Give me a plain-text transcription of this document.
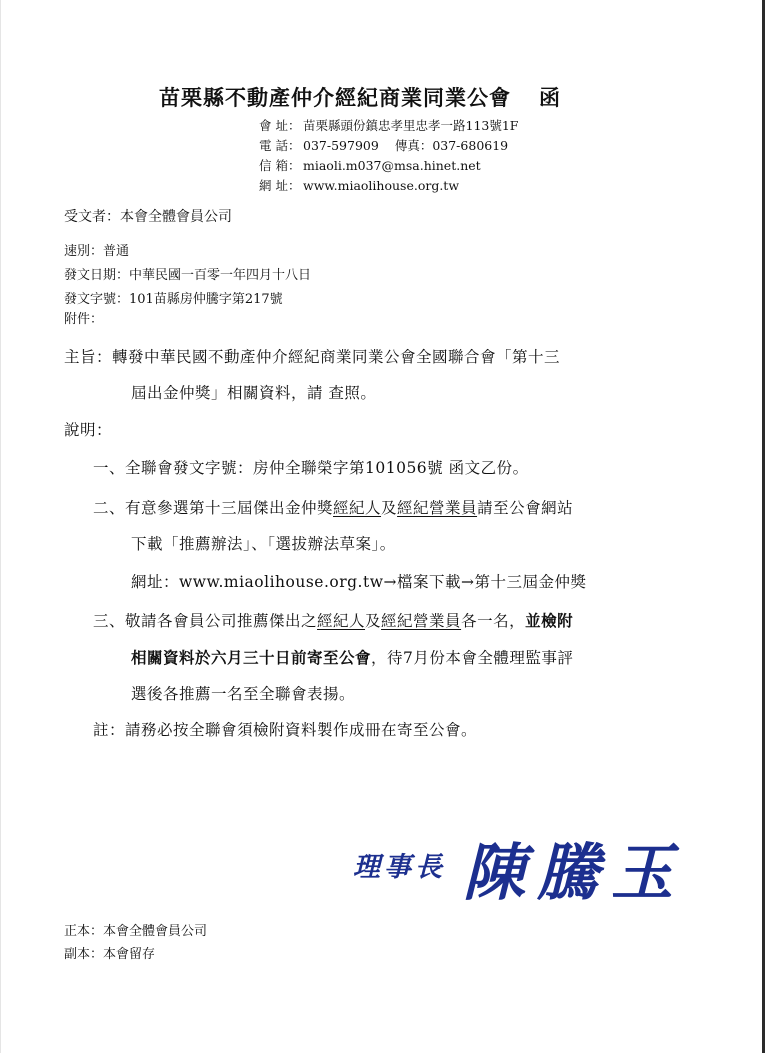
苗栗縣不動產仲介經紀商業同業公會 函
會 址： 苗栗縣頭份鎮忠孝里忠孝一路113號1F
電 話： 037-597909 傳真：037-680619
信 箱： miaoli.m037@msa.hinet.net
網 址： www.miaolihouse.org.tw
受文者：本會全體會員公司
速別：普通
發文日期：中華民國一百零一年四月十八日
發文字號：101苗縣房仲騰字第217號
附件：
主旨：轉發中華民國不動產仲介經紀商業同業公會全國聯合會「第十三
屆出金仲獎」相關資料，請 查照。
說明：
一、全聯會發文字號：房仲全聯榮字第101056號 函文乙份。
二、有意參選第十三屆傑出金仲獎經紀人及經紀營業員請至公會網站
下載「推薦辦法」、「選拔辦法草案」。
網址：www.miaolihouse.org.tw→檔案下載→第十三屆金仲獎
三、敬請各會員公司推薦傑出之經紀人及經紀營業員各一名，並檢附
相關資料於六月三十日前寄至公會，待7月份本會全體理監事評
選後各推薦一名至全聯會表揚。
註：請務必按全聯會須檢附資料製作成冊在寄至公會。
理事長 陳騰玉
正本：本會全體會員公司
副本：本會留存
